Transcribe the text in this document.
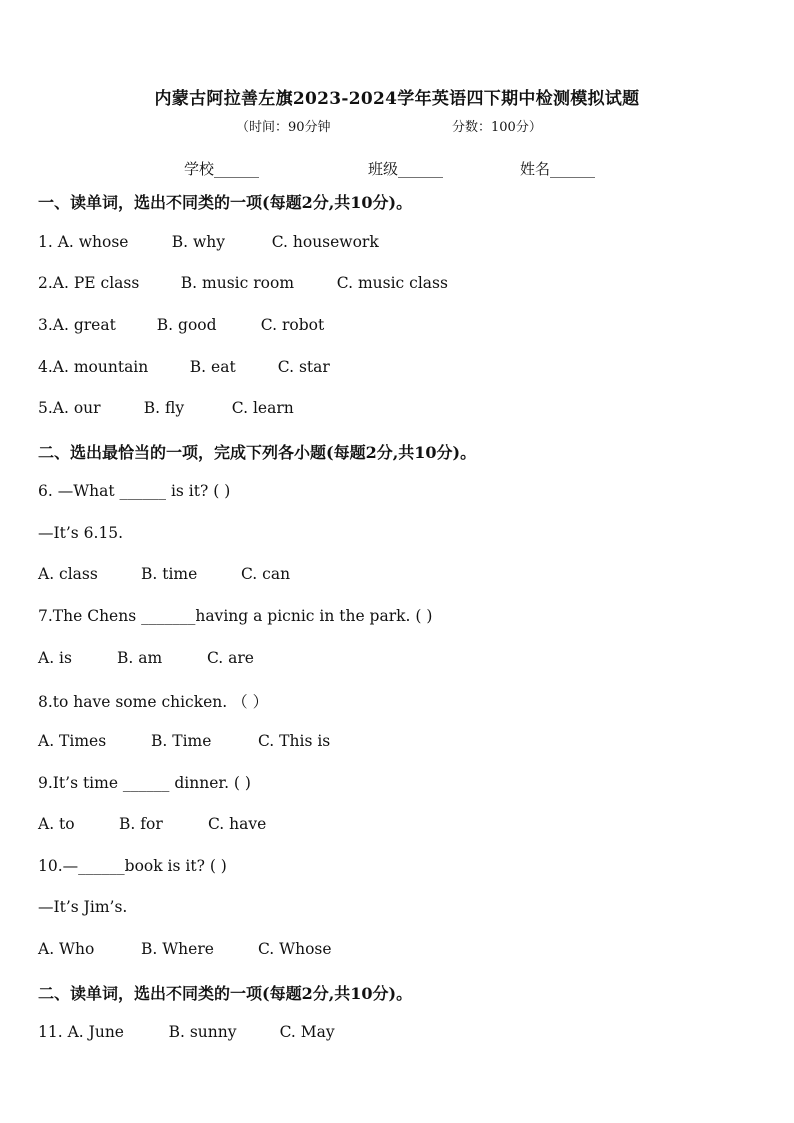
内蒙古阿拉善左旗2023-2024学年英语四下期中检测模拟试题
（时间：90分钟	分数：100分）
学校______	班级______	姓名______
一、读单词，选出不同类的一项(每题2分,共10分)。
1. A. whose	B. why	C. housework
2.A. PE class	B. music room	C. music class
3.A. great	B. good	C. robot
4.A. mountain	B. eat	C. star
5.A. our	B. fly	C. learn
二、选出最恰当的一项，完成下列各小题(每题2分,共10分)。
6. —What ______ is it? ( )
—It’s 6.15.
A. class	B. time	C. can
7.The Chens _______having a picnic in the park. ( )
A. is	B. am	C. are
8.to have some chicken. （ ）
A. Times	B. Time	C. This is
9.It’s time ______ dinner. ( )
A. to	B. for	C. have
10.—______book is it? ( )
—It’s Jim’s.
A. Who	B. Where	C. Whose
二、读单词，选出不同类的一项(每题2分,共10分)。
11. A. June	B. sunny	C. May
